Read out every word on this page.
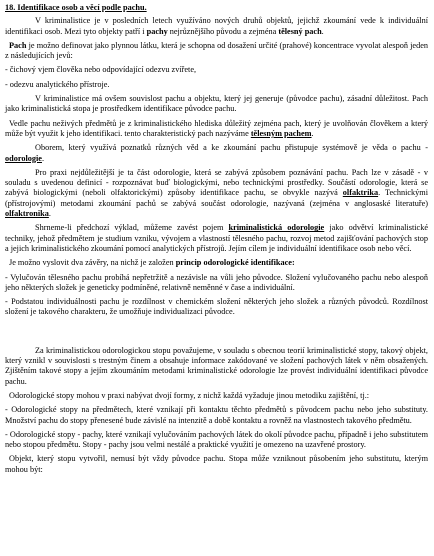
18. Identifikace osob a věcí podle pachu.

V kriminalistice je v posledních letech využíváno nových druhů objektů, jejichž zkoumání vede k individuální identifikaci osob. Mezi tyto objekty patří i pachy nejrůznějšího původu a zejména tělesný pach.

Pach je možno definovat jako plynnou látku, která je schopna od dosažení určité (prahové) koncentrace vyvolat alespoň jeden z následujících jevů:

- čichový vjem člověka nebo odpovídající odezvu zvířete,

- odezvu analytického přístroje.

V kriminalistice má ovšem souvislost pachu a objektu, který jej generuje (původce pachu), zásadní důležitost. Pach jako kriminalistická stopa je prostředkem identifikace původce pachu.

Vedle pachu neživých předmětů je z kriminalistického hlediska důležitý zejména pach, který je uvolňován člověkem a který může být využit k jeho identifikaci. tento charakteristický pach nazýváme tělesným pachem.

Oborem, který využívá poznatků různých věd a ke zkoumání pachu přistupuje systémově je věda o pachu - odorologie.

Pro praxi nejdůležitější je ta část odorologie, která se zabývá způsobem poznávání pachu. Pach lze v zásadě - v souladu s uvedenou definicí - rozpoznávat buď biologickými, nebo technickými prostředky. Součástí odorologie, která se zabývá biologickými (neboli olfaktorickými) způsoby identifikace pachu, se obvykle nazývá olfaktrika. Technickými (přístrojovými) metodami zkoumání pachů se zabývá součást odorologie, nazývaná (zejména v anglosaské literatuře) olfaktronika.

Shrneme-li předchozí výklad, můžeme zavést pojem kriminalistická odorologie jako odvětví kriminalistické techniky, jehož předmětem je studium vzniku, vývojem a vlastností tělesného pachu, rozvoj metod zajišťování pachových stop a jejich kriminalistického zkoumání pomocí analytických přístrojů. Jejím cílem je individuální identifikace osob nebo věcí.

Je možno vyslovit dva závěry, na nichž je založen princip odorologické identifikace:

- Vylučován tělesného pachu probíhá nepřetržitě a nezávisle na vůli jeho původce. Složení vylučovaného pachu nebo alespoň jeho některých složek je geneticky podmíněné, relativně neměnné v čase a individuální.

- Podstatou individuálnosti pachu je rozdílnost v chemickém složení některých jeho složek a různých původců. Rozdílnost složení je takového charakteru, že umožňuje individualizaci původce.

Za kriminalistickou odorologickou stopu považujeme, v souladu s obecnou teorií kriminalistické stopy, takový objekt, který vznikl v souvislosti s trestným činem a obsahuje informace zakódované ve složení pachových látek v něm obsažených. Zjištěním takové stopy a jejím zkoumáním metodami kriminalistické odorologie lze provést individuální identifikaci původce pachu.

Odorologické stopy mohou v praxi nabývat dvojí formy, z nichž každá vyžaduje jinou metodiku zajištění, tj.:

- Odorologické stopy na předmětech, které vznikají při kontaktu těchto předmětů s původcem pachu nebo jeho substituty. Množství pachu do stopy přenesené bude závislé na intenzitě a době kontaktu a rovněž na vlastnostech takového předmětu.

- Odorologické stopy - pachy, které vznikají vylučováním pachových látek do okolí původce pachu, případně i jeho substitutem nebo stopou předmětu. Stopy - pachy jsou velmi nestálé a praktické využití je omezeno na uzavřené prostory.

Objekt, který stopu vytvořil, nemusí být vždy původce pachu. Stopa může vzniknout působením jeho substitutu, kterým mohou být:
